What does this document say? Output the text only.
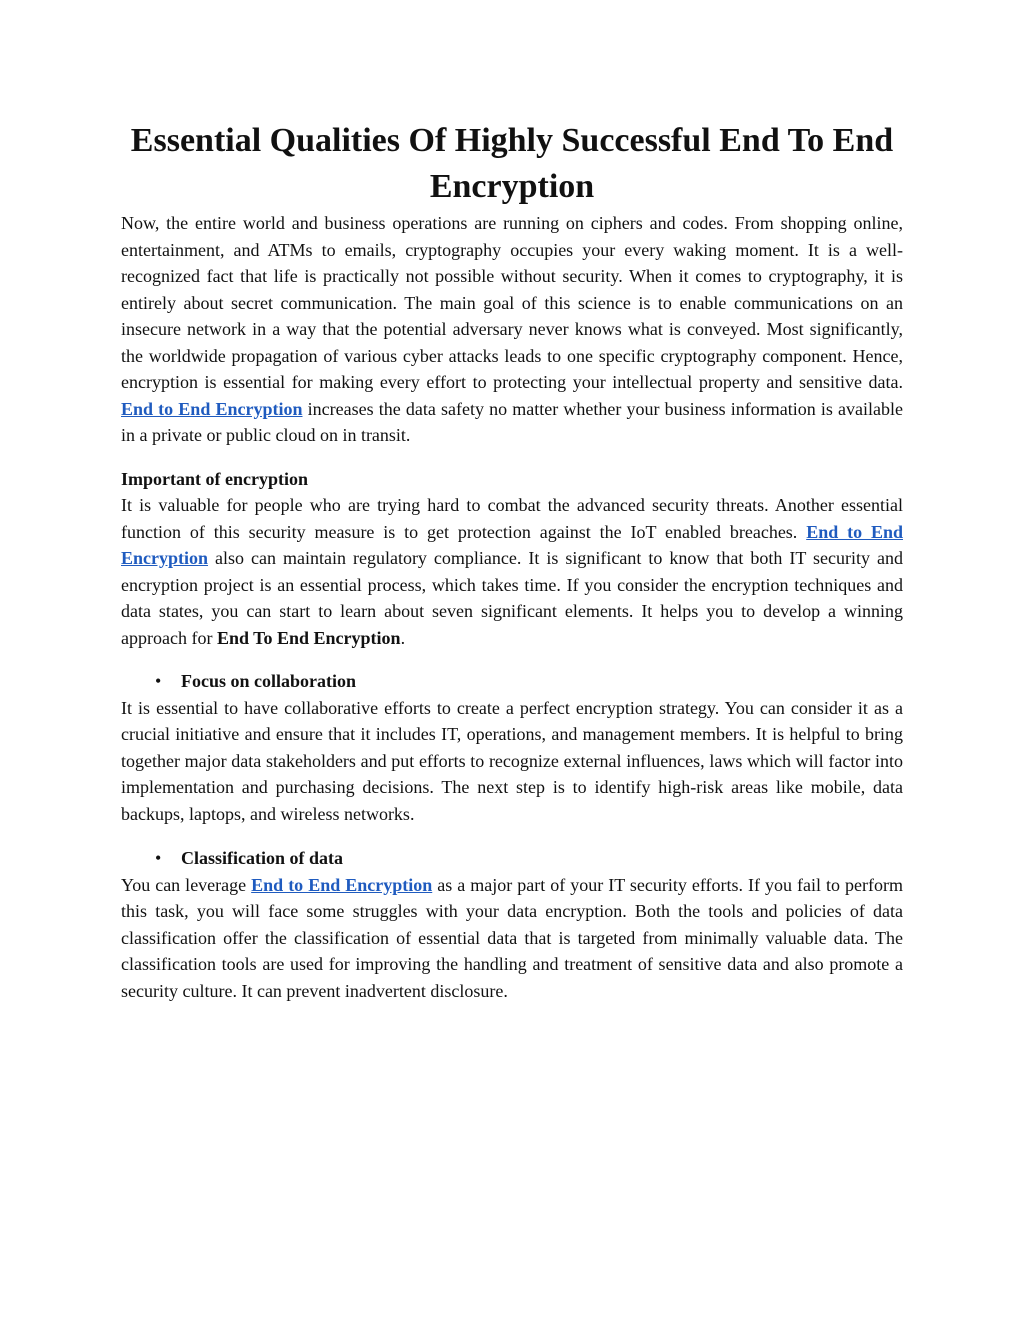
Essential Qualities Of Highly Successful End To End
Encryption

Now, the entire world and business operations are running on ciphers and codes. From shopping online, entertainment, and ATMs to emails, cryptography occupies your every waking moment. It is a well-recognized fact that life is practically not possible without security. When it comes to cryptography, it is entirely about secret communication. The main goal of this science is to enable communications on an insecure network in a way that the potential adversary never knows what is conveyed. Most significantly, the worldwide propagation of various cyber attacks leads to one specific cryptography component. Hence, encryption is essential for making every effort to protecting your intellectual property and sensitive data. End to End Encryption increases the data safety no matter whether your business information is available in a private or public cloud on in transit.

Important of encryption

It is valuable for people who are trying hard to combat the advanced security threats. Another essential function of this security measure is to get protection against the IoT enabled breaches. End to End Encryption also can maintain regulatory compliance. It is significant to know that both IT security and encryption project is an essential process, which takes time. If you consider the encryption techniques and data states, you can start to learn about seven significant elements. It helps you to develop a winning approach for End To End Encryption.

• Focus on collaboration

It is essential to have collaborative efforts to create a perfect encryption strategy. You can consider it as a crucial initiative and ensure that it includes IT, operations, and management members. It is helpful to bring together major data stakeholders and put efforts to recognize external influences, laws which will factor into implementation and purchasing decisions. The next step is to identify high-risk areas like mobile, data backups, laptops, and wireless networks.

• Classification of data

You can leverage End to End Encryption as a major part of your IT security efforts. If you fail to perform this task, you will face some struggles with your data encryption. Both the tools and policies of data classification offer the classification of essential data that is targeted from minimally valuable data. The classification tools are used for improving the handling and treatment of sensitive data and also promote a security culture. It can prevent inadvertent disclosure.
